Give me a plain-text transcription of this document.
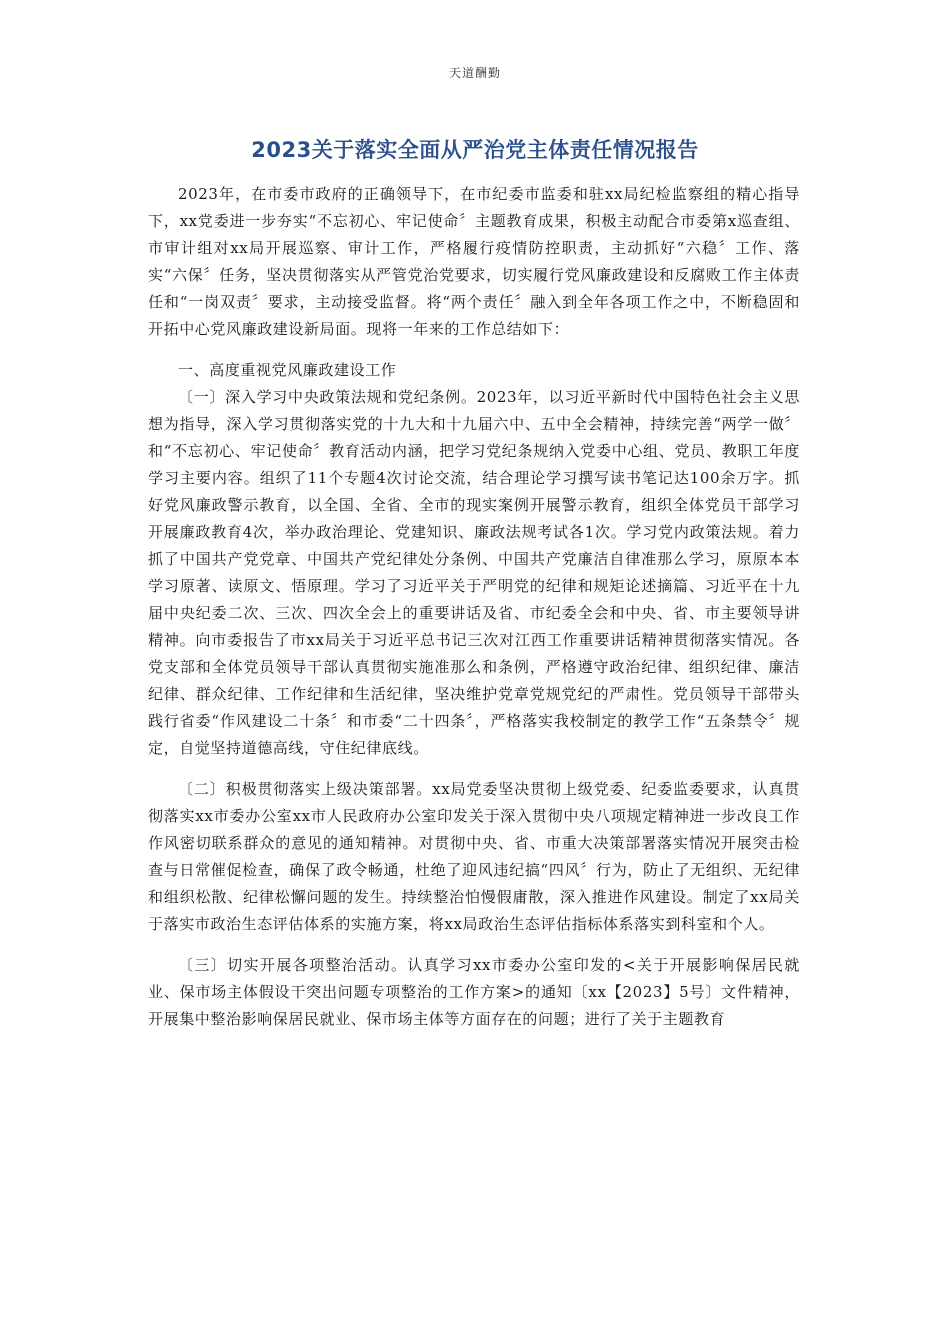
天道酬勤
2023关于落实全面从严治党主体责任情况报告

2023年，在市委市政府的正确领导下，在市纪委市监委和驻xx局纪检监察组的精心指导下，xx党委进一步夯实“不忘初心、牢记使命〞主题教育成果，积极主动配合市委第x巡查组、市审计组对xx局开展巡察、审计工作，严格履行疫情防控职责，主动抓好“六稳〞工作、落实“六保〞任务，坚决贯彻落实从严管党治党要求，切实履行党风廉政建设和反腐败工作主体责任和“一岗双责〞要求，主动接受监督。将“两个责任〞融入到全年各项工作之中，不断稳固和开拓中心党风廉政建设新局面。现将一年来的工作总结如下：

一、高度重视党风廉政建设工作

〔一〕深入学习中央政策法规和党纪条例。2023年，以习近平新时代中国特色社会主义思想为指导，深入学习贯彻落实党的十九大和十九届六中、五中全会精神，持续完善“两学一做〞和“不忘初心、牢记使命〞教育活动内涵，把学习党纪条规纳入党委中心组、党员、教职工年度学习主要内容。组织了11个专题4次讨论交流，结合理论学习撰写读书笔记达100余万字。抓好党风廉政警示教育，以全国、全省、全市的现实案例开展警示教育，组织全体党员干部学习开展廉政教育4次，举办政治理论、党建知识、廉政法规考试各1次。学习党内政策法规。着力抓了中国共产党党章、中国共产党纪律处分条例、中国共产党廉洁自律准那么学习，原原本本学习原著、读原文、悟原理。学习了习近平关于严明党的纪律和规矩论述摘篇、习近平在十九届中央纪委二次、三次、四次全会上的重要讲话及省、市纪委全会和中央、省、市主要领导讲精神。向市委报告了市xx局关于习近平总书记三次对江西工作重要讲话精神贯彻落实情况。各党支部和全体党员领导干部认真贯彻实施准那么和条例，严格遵守政治纪律、组织纪律、廉洁纪律、群众纪律、工作纪律和生活纪律，坚决维护党章党规党纪的严肃性。党员领导干部带头践行省委“作风建设二十条〞和市委“二十四条〞，严格落实我校制定的教学工作“五条禁令〞规定，自觉坚持道德高线，守住纪律底线。

〔二〕积极贯彻落实上级决策部署。xx局党委坚决贯彻上级党委、纪委监委要求，认真贯彻落实xx市委办公室xx市人民政府办公室印发关于深入贯彻中央八项规定精神进一步改良工作作风密切联系群众的意见的通知精神。对贯彻中央、省、市重大决策部署落实情况开展突击检查与日常催促检查，确保了政令畅通，杜绝了迎风违纪搞“四风〞行为，防止了无组织、无纪律和组织松散、纪律松懈问题的发生。持续整治怕慢假庸散，深入推进作风建设。制定了xx局关于落实市政治生态评估体系的实施方案，将xx局政治生态评估指标体系落实到科室和个人。

〔三〕切实开展各项整治活动。认真学习xx市委办公室印发的<关于开展影响保居民就业、保市场主体假设干突出问题专项整治的工作方案>的通知〔xx【2023】5号〕文件精神，开展集中整治影响保居民就业、保市场主体等方面存在的问题；进行了关于主题教育
